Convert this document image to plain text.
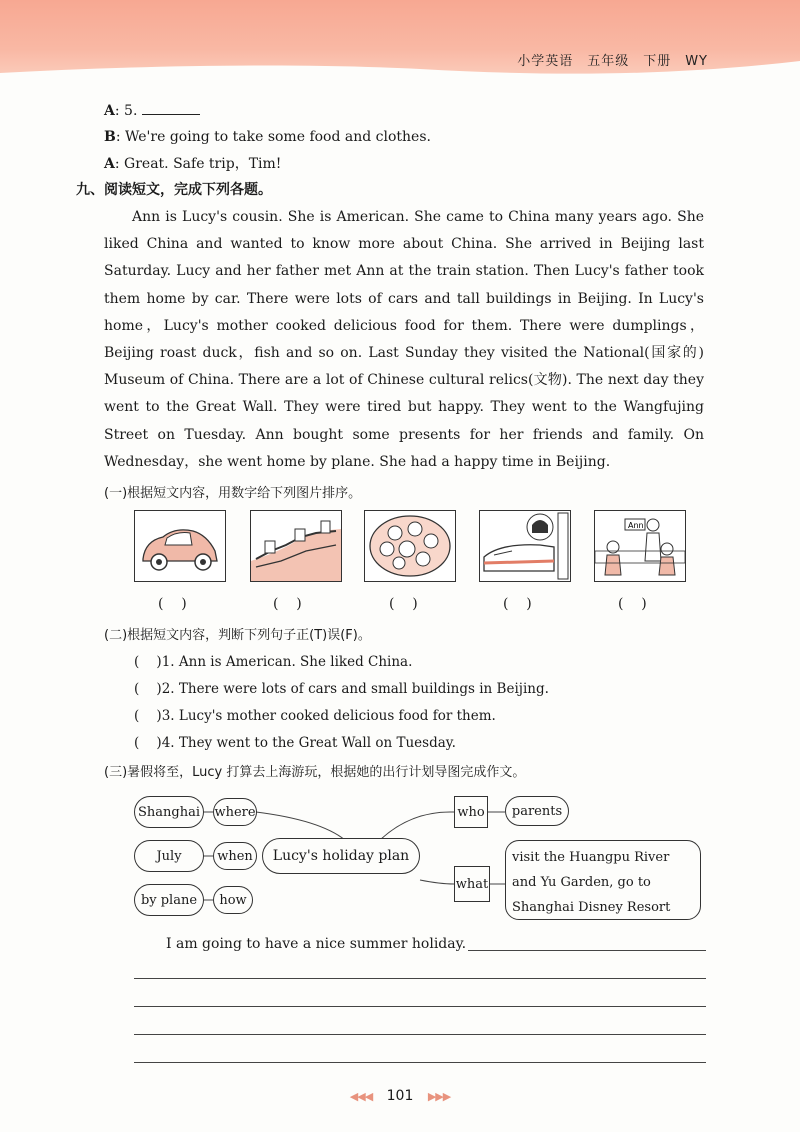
小学英语　五年级　下册　WY
A: 5.
B: We're going to take some food and clothes.
A: Great. Safe trip，Tim!
九、阅读短文，完成下列各题。

Ann is Lucy's cousin. She is American. She came to China many years ago. She liked China and wanted to know more about China. She arrived in Beijing last Saturday. Lucy and her father met Ann at the train station. Then Lucy's father took them home by car. There were lots of cars and tall buildings in Beijing. In Lucy's home，Lucy's mother cooked delicious food for them. There were dumplings，Beijing roast duck，fish and so on. Last Sunday they visited the National(国家的) Museum of China. There are a lot of Chinese cultural relics(文物). The next day they went to the Great Wall. They were tired but happy. They went to the Wangfujing Street on Tuesday. Ann bought some presents for her friends and family. On Wednesday，she went home by plane. She had a happy time in Beijing.

(一)根据短文内容，用数字给下列图片排序。
Ann
(    )	(    )	(    )	(    )	(    )
(二)根据短文内容，判断下列句子正(T)误(F)。
(    )1. Ann is American. She liked China.
(    )2. There were lots of cars and small buildings in Beijing.
(    )3. Lucy's mother cooked delicious food for them.
(    )4. They went to the Great Wall on Tuesday.
(三)暑假将至，Lucy 打算去上海游玩，根据她的出行计划导图完成作文。
Shanghai	where
July	when	Lucy's holiday plan
by plane	how
who	parents
what
visit the Huangpu River and Yu Garden, go to Shanghai Disney Resort
I am going to have a nice summer holiday.
◀◀◀ 101 ▶▶▶
